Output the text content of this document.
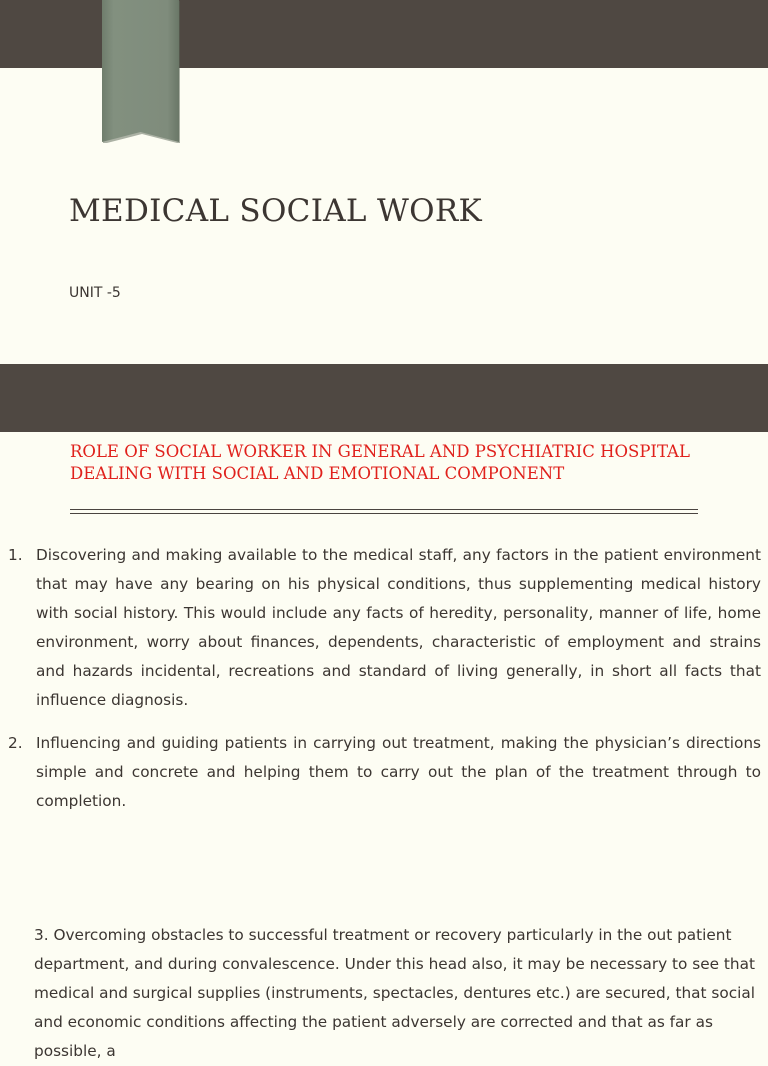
MEDICAL SOCIAL WORK
UNIT -5
ROLE OF SOCIAL WORKER IN GENERAL AND PSYCHIATRIC HOSPITAL DEALING WITH SOCIAL AND EMOTIONAL COMPONENT
1. Discovering and making available to the medical staff, any factors in the patient environment that may have any bearing on his physical conditions, thus supplementing medical history with social history. This would include any facts of heredity, personality, manner of life, home environment, worry about finances, dependents, characteristic of employment and strains and hazards incidental, recreations and standard of living generally, in short all facts that influence diagnosis.

2. Influencing and guiding patients in carrying out treatment, making the physician’s directions simple and concrete and helping them to carry out the plan of the treatment through to completion.

3. Overcoming obstacles to successful treatment or recovery particularly in the out patient department, and during convalescence. Under this head also, it may be necessary to see that medical and surgical supplies (instruments, spectacles, dentures etc.) are secured, that social and economic conditions affecting the patient adversely are corrected and that as far as possible, a
